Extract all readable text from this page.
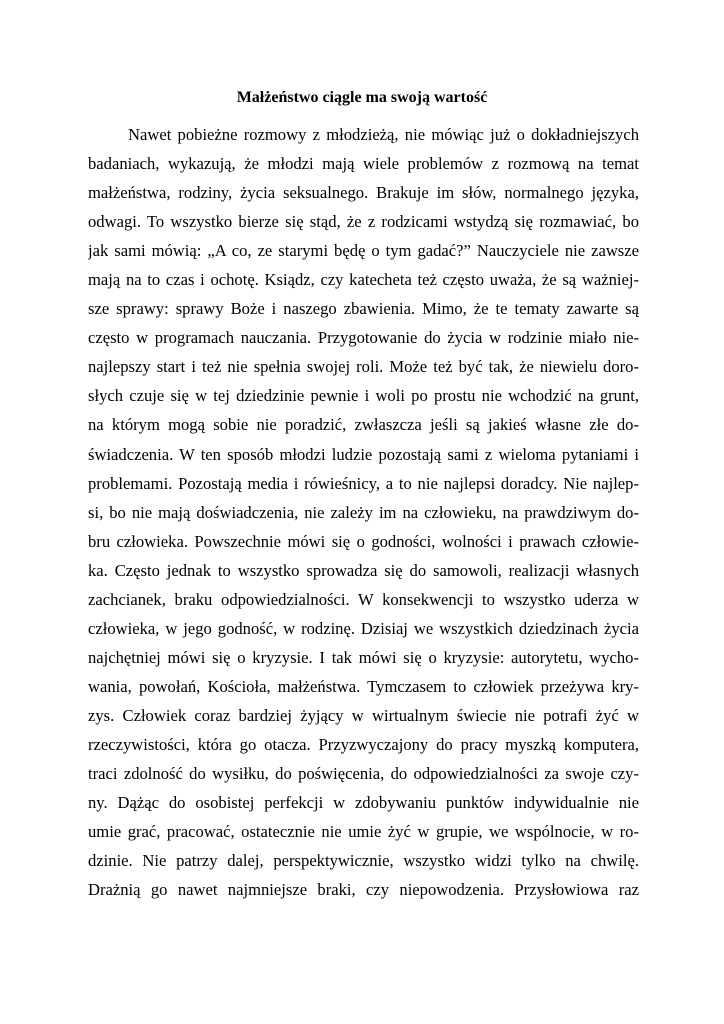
Małżeństwo ciągle ma swoją wartość
Nawet pobieżne rozmowy z młodzieżą, nie mówiąc już o dokładniejszych
badaniach, wykazują, że młodzi mają wiele problemów z rozmową na temat
małżeństwa, rodziny, życia seksualnego. Brakuje im słów, normalnego języka,
odwagi. To wszystko bierze się stąd, że z rodzicami wstydzą się rozmawiać, bo
jak sami mówią: „A co, ze starymi będę o tym gadać?” Nauczyciele nie zawsze
mają na to czas i ochotę. Ksiądz, czy katecheta też często uważa, że są ważniej-
sze sprawy: sprawy Boże i naszego zbawienia. Mimo, że te tematy zawarte są
często w programach nauczania. Przygotowanie do życia w rodzinie miało nie-
najlepszy start i też nie spełnia swojej roli. Może też być tak, że niewielu doro-
słych czuje się w tej dziedzinie pewnie i woli po prostu nie wchodzić na grunt,
na którym mogą sobie nie poradzić, zwłaszcza jeśli są jakieś własne złe do-
świadczenia. W ten sposób młodzi ludzie pozostają sami z wieloma pytaniami i
problemami. Pozostają media i rówieśnicy, a to nie najlepsi doradcy. Nie najlep-
si, bo nie mają doświadczenia, nie zależy im na człowieku, na prawdziwym do-
bru człowieka. Powszechnie mówi się o godności, wolności i prawach człowie-
ka. Często jednak to wszystko sprowadza się do samowoli, realizacji własnych
zachcianek, braku odpowiedzialności. W konsekwencji to wszystko uderza w
człowieka, w jego godność, w rodzinę. Dzisiaj we wszystkich dziedzinach życia
najchętniej mówi się o kryzysie. I tak mówi się o kryzysie: autorytetu, wycho-
wania, powołań, Kościoła, małżeństwa. Tymczasem to człowiek przeżywa kry-
zys. Człowiek coraz bardziej żyjący w wirtualnym świecie nie potrafi żyć w
rzeczywistości, która go otacza. Przyzwyczajony do pracy myszką komputera,
traci zdolność do wysiłku, do poświęcenia, do odpowiedzialności za swoje czy-
ny. Dążąc do osobistej perfekcji w zdobywaniu punktów indywidualnie nie
umie grać, pracować, ostatecznie nie umie żyć w grupie, we wspólnocie, w ro-
dzinie. Nie patrzy dalej, perspektywicznie, wszystko widzi tylko na chwilę.
Drażnią go nawet najmniejsze braki, czy niepowodzenia. Przysłowiowa raz
